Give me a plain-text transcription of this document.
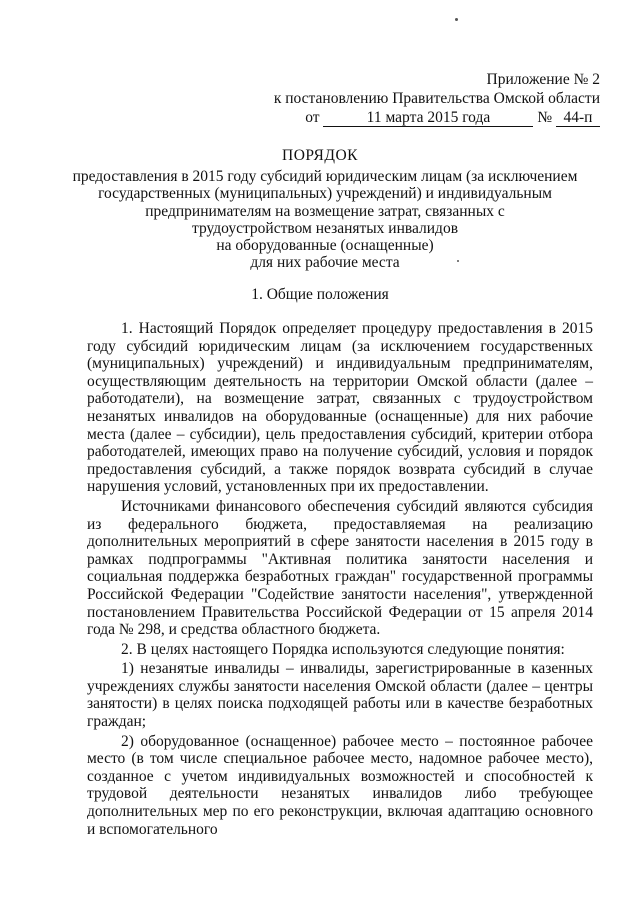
Приложение № 2
к постановлению Правительства Омской области
от	11 марта 2015 года	№ 44-п
ПОРЯДОК
предоставления в 2015 году субсидий юридическим лицам (за исключением
государственных (муниципальных) учреждений) и индивидуальным
предпринимателям на возмещение затрат, связанных с
трудоустройством незанятых инвалидов
на оборудованные (оснащенные)
для них рабочие места
1. Общие положения

1. Настоящий Порядок определяет процедуру предоставления в 2015 году субсидий юридическим лицам (за исключением государственных (муниципальных) учреждений) и индивидуальным предпринимателям, осуществляющим деятельность на территории Омской области (далее – работодатели), на возмещение затрат, связанных с трудоустройством незанятых инвалидов на оборудованные (оснащенные) для них рабочие места (далее – субсидии), цель предоставления субсидий, критерии отбора работодателей, имеющих право на получение субсидий, условия и порядок предоставления субсидий, а также порядок возврата субсидий в случае нарушения условий, установленных при их предоставлении.

Источниками финансового обеспечения субсидий являются субсидия из федерального бюджета, предоставляемая на реализацию дополнительных мероприятий в сфере занятости населения в 2015 году в рамках подпрограммы "Активная политика занятости населения и социальная поддержка безработных граждан" государственной программы Российской Федерации "Содействие занятости населения", утвержденной постановлением Правительства Российской Федерации от 15 апреля 2014 года № 298, и средства областного бюджета.

2. В целях настоящего Порядка используются следующие понятия:

1) незанятые инвалиды – инвалиды, зарегистрированные в казенных учреждениях службы занятости населения Омской области (далее – центры занятости) в целях поиска подходящей работы или в качестве безработных граждан;

2) оборудованное (оснащенное) рабочее место – постоянное рабочее место (в том числе специальное рабочее место, надомное рабочее место), созданное с учетом индивидуальных возможностей и способностей к трудовой деятельности незанятых инвалидов либо требующее дополнительных мер по его реконструкции, включая адаптацию основного и вспомогательного
